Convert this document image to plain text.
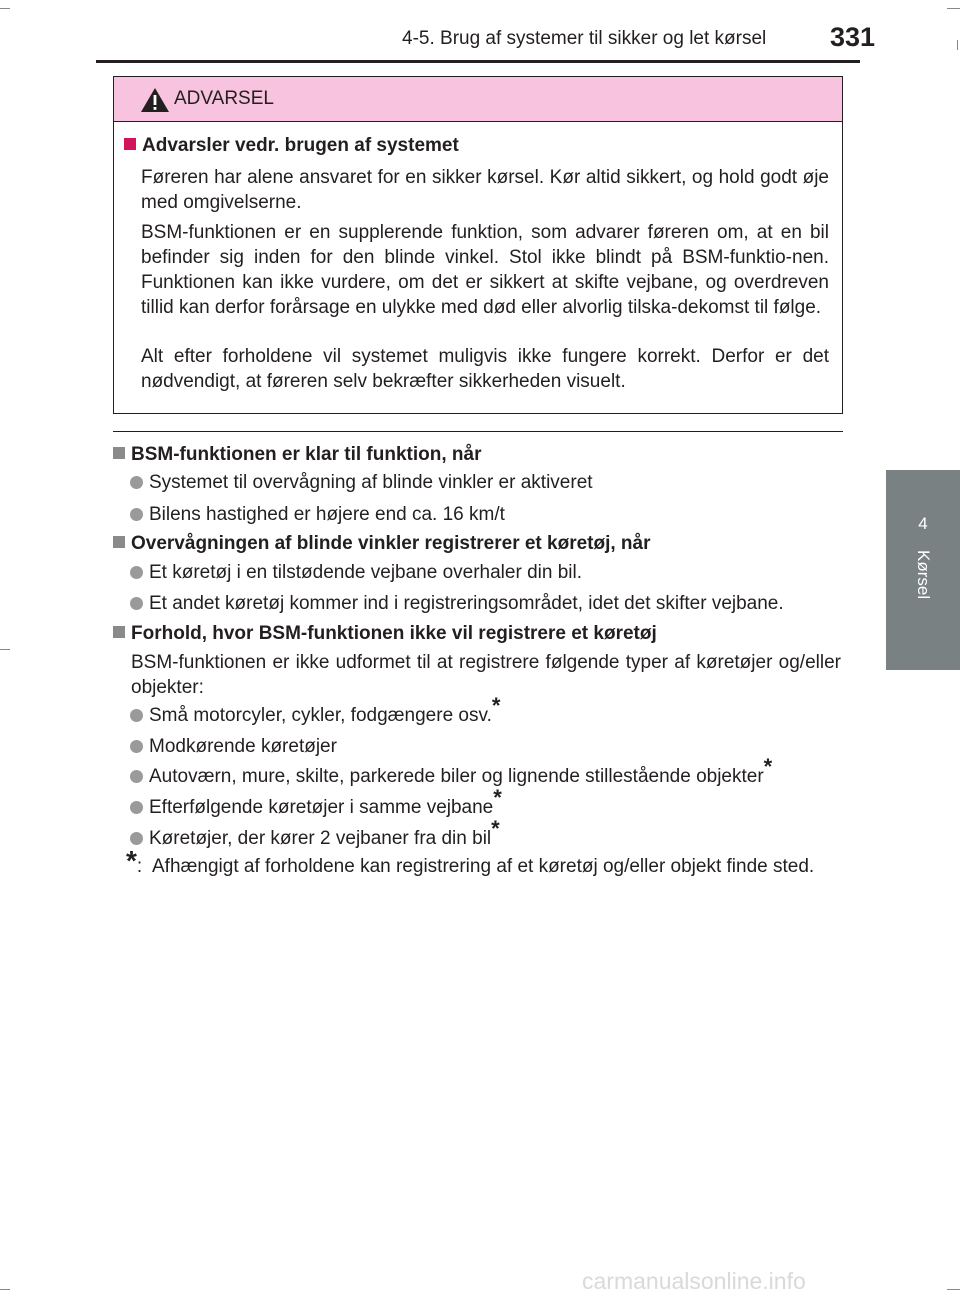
4-5. Brug af systemer til sikker og let kørsel 331
4
Kørsel
ADVARSEL
Advarsler vedr. brugen af systemet

Føreren har alene ansvaret for en sikker kørsel. Kør altid sikkert, og hold godt øje med omgivelserne.

BSM-funktionen er en supplerende funktion, som advarer føreren om, at en bil befinder sig inden for den blinde vinkel. Stol ikke blindt på BSM-funktio-nen. Funktionen kan ikke vurdere, om det er sikkert at skifte vejbane, og overdreven tillid kan derfor forårsage en ulykke med død eller alvorlig tilska-dekomst til følge.

Alt efter forholdene vil systemet muligvis ikke fungere korrekt. Derfor er det nødvendigt, at føreren selv bekræfter sikkerheden visuelt.

BSM-funktionen er klar til funktion, når
Systemet til overvågning af blinde vinkler er aktiveret
Bilens hastighed er højere end ca. 16 km/t
Overvågningen af blinde vinkler registrerer et køretøj, når
Et køretøj i en tilstødende vejbane overhaler din bil.
Et andet køretøj kommer ind i registreringsområdet, idet det skifter vejbane.
Forhold, hvor BSM-funktionen ikke vil registrere et køretøj

BSM-funktionen er ikke udformet til at registrere følgende typer af køretøjer og/eller objekter:

Små motorcyler, cykler, fodgængere osv.*
Modkørende køretøjer
Autoværn, mure, skilte, parkerede biler og lignende stillestående objekter*
Efterfølgende køretøjer i samme vejbane*
Køretøjer, der kører 2 vejbaner fra din bil*
*: Afhængigt af forholdene kan registrering af et køretøj og/eller objekt finde sted.
carmanualsonline.info
